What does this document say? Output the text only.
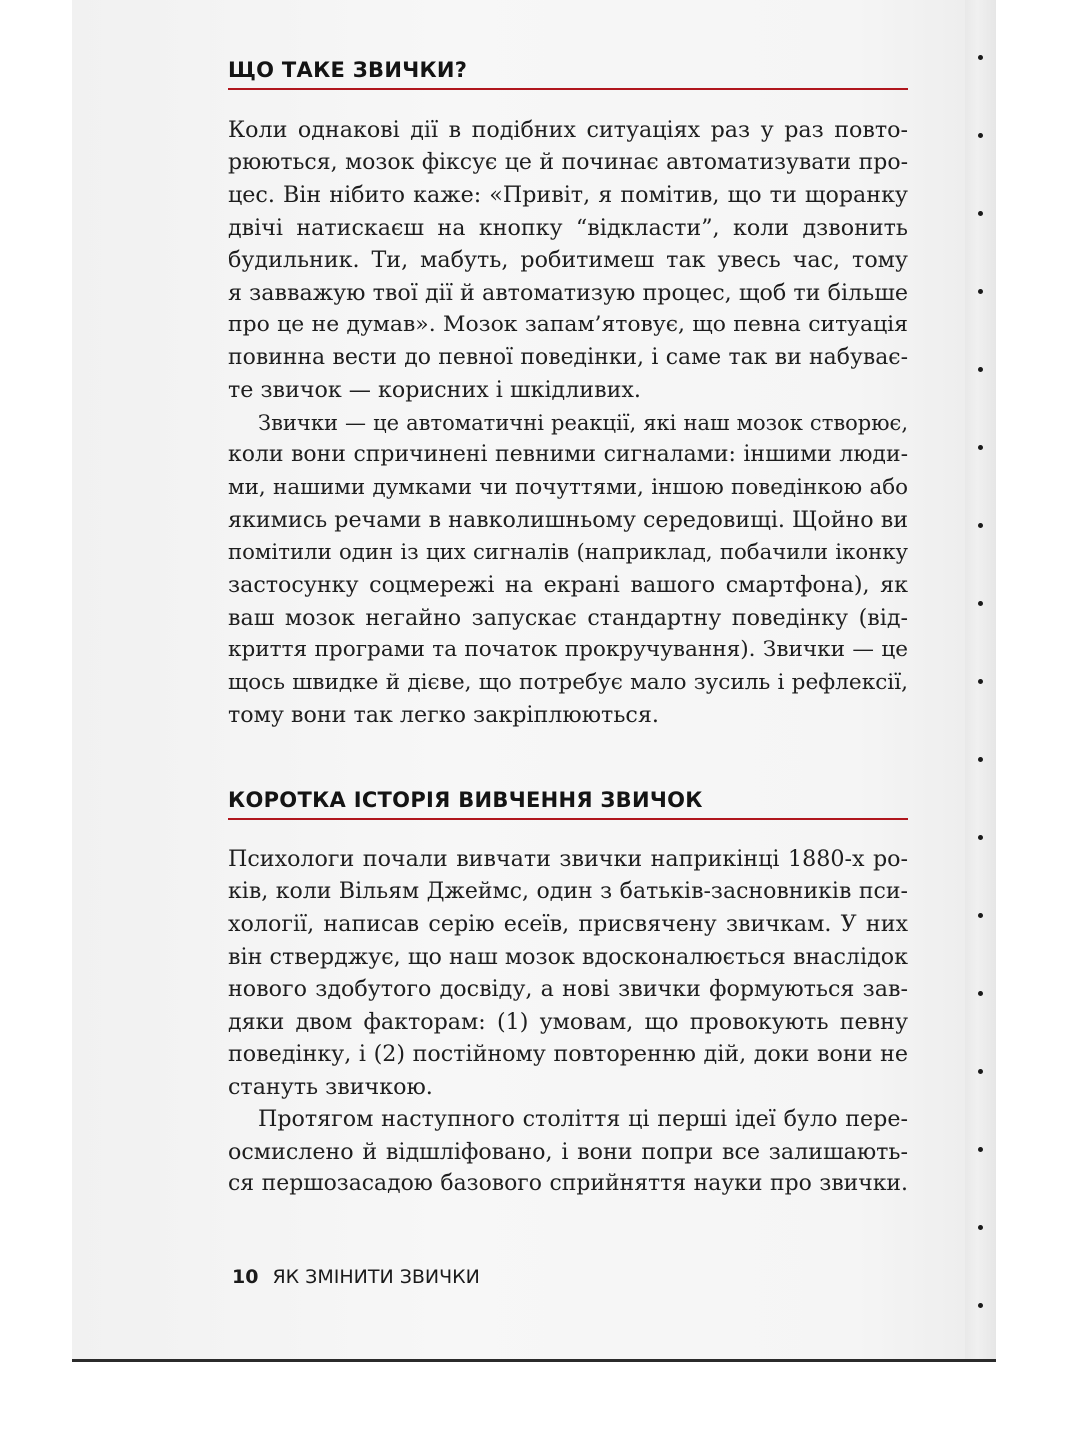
ЩО ТАКЕ ЗВИЧКИ?
Коли однакові дії в подібних ситуаціях раз у раз повто-
рюються, мозок фіксує це й починає автоматизувати про-
цес. Він нібито каже: «Привіт, я помітив, що ти щоранку
двічі натискаєш на кнопку “відкласти”, коли дзвонить
будильник. Ти, мабуть, робитимеш так увесь час, тому
я завважую твої дії й автоматизую процес, щоб ти більше
про це не думав». Мозок запам’ятовує, що певна ситуація
повинна вести до певної поведінки, і саме так ви набуває-
те звичок — корисних і шкідливих.
Звички — це автоматичні реакції, які наш мозок створює,
коли вони спричинені певними сигналами: іншими люди-
ми, нашими думками чи почуттями, іншою поведінкою або
якимись речами в навколишньому середовищі. Щойно ви
помітили один із цих сигналів (наприклад, побачили іконку
застосунку соцмережі на екрані вашого смартфона), як
ваш мозок негайно запускає стандартну поведінку (від-
криття програми та початок прокручування). Звички — це
щось швидке й дієве, що потребує мало зусиль і рефлексії,
тому вони так легко закріплюються.
КОРОТКА ІСТОРІЯ ВИВЧЕННЯ ЗВИЧОК
Психологи почали вивчати звички наприкінці 1880-х ро-
ків, коли Вільям Джеймс, один з батьків-засновників пси-
хології, написав серію есеїв, присвячену звичкам. У них
він стверджує, що наш мозок вдосконалюється внаслідок
нового здобутого досвіду, а нові звички формуються зав-
дяки двом факторам: (1) умовам, що провокують певну
поведінку, і (2) постійному повторенню дій, доки вони не
стануть звичкою.
Протягом наступного століття ці перші ідеї було пере-
осмислено й відшліфовано, і вони попри все залишають-
ся першозасадою базового сприйняття науки про звички.
10 ЯК ЗМІНИТИ ЗВИЧКИ
